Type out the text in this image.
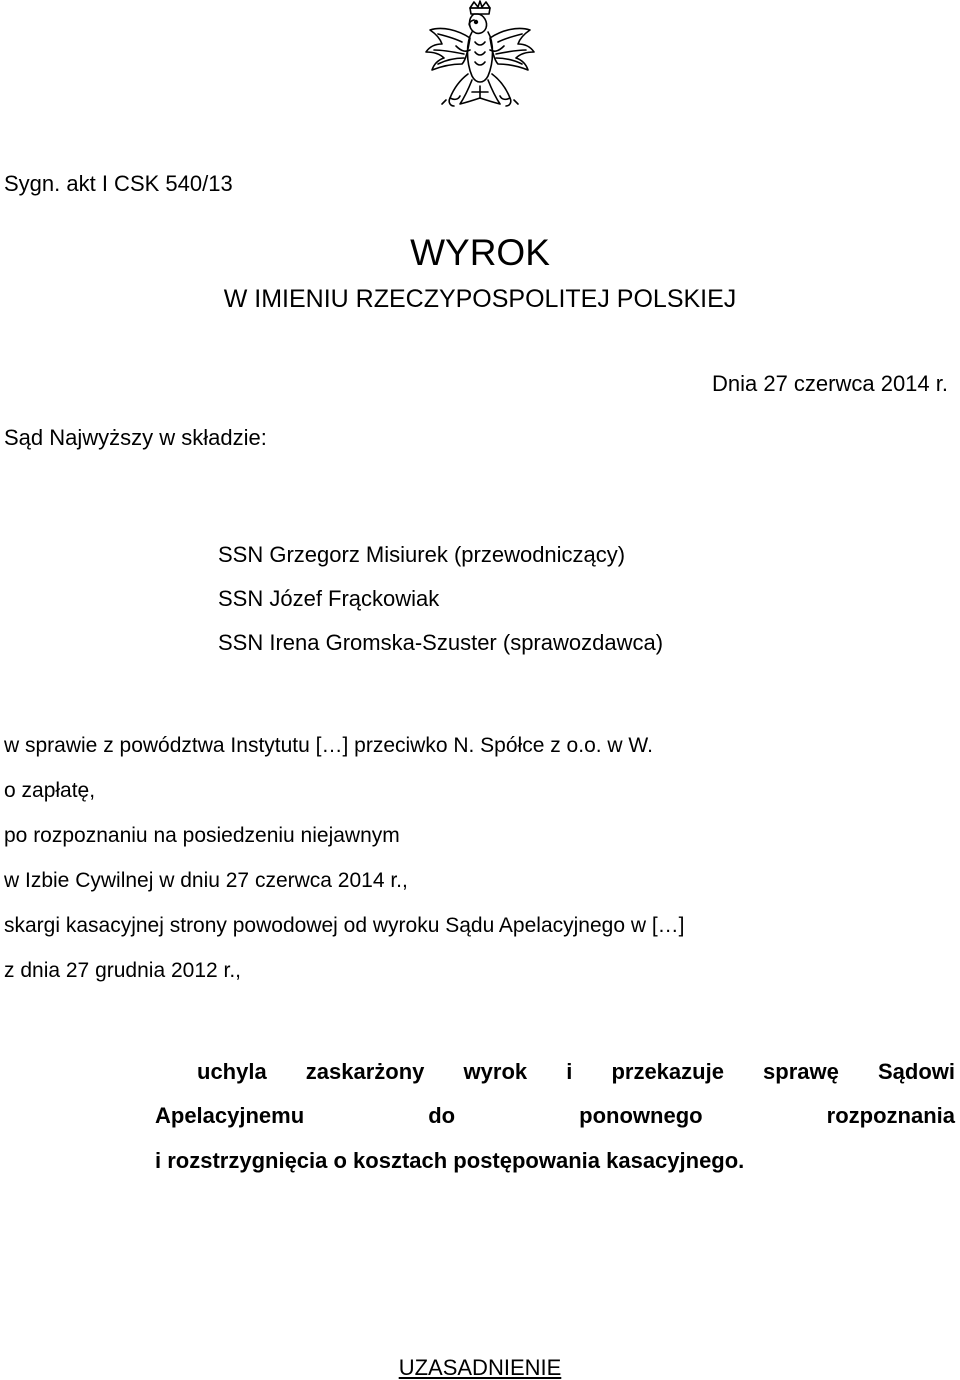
Sygn. akt I CSK 540/13
WYROK
W IMIENIU RZECZYPOSPOLITEJ POLSKIEJ
Dnia 27 czerwca 2014 r.
Sąd Najwyższy w składzie:
SSN Grzegorz Misiurek (przewodniczący)
SSN Józef Frąckowiak
SSN Irena Gromska-Szuster (sprawozdawca)
w sprawie z powództwa Instytutu […] przeciwko N. Spółce z o.o. w W.
o zapłatę,
po rozpoznaniu na posiedzeniu niejawnym
w Izbie Cywilnej w dniu 27 czerwca 2014 r.,
skargi kasacyjnej strony powodowej od wyroku Sądu Apelacyjnego w […]
z dnia 27 grudnia 2012 r.,
uchyla zaskarżony wyrok i przekazuje sprawę Sądowi
Apelacyjnemu do ponownego rozpoznania
i rozstrzygnięcia o kosztach postępowania kasacyjnego.
UZASADNIENIE
